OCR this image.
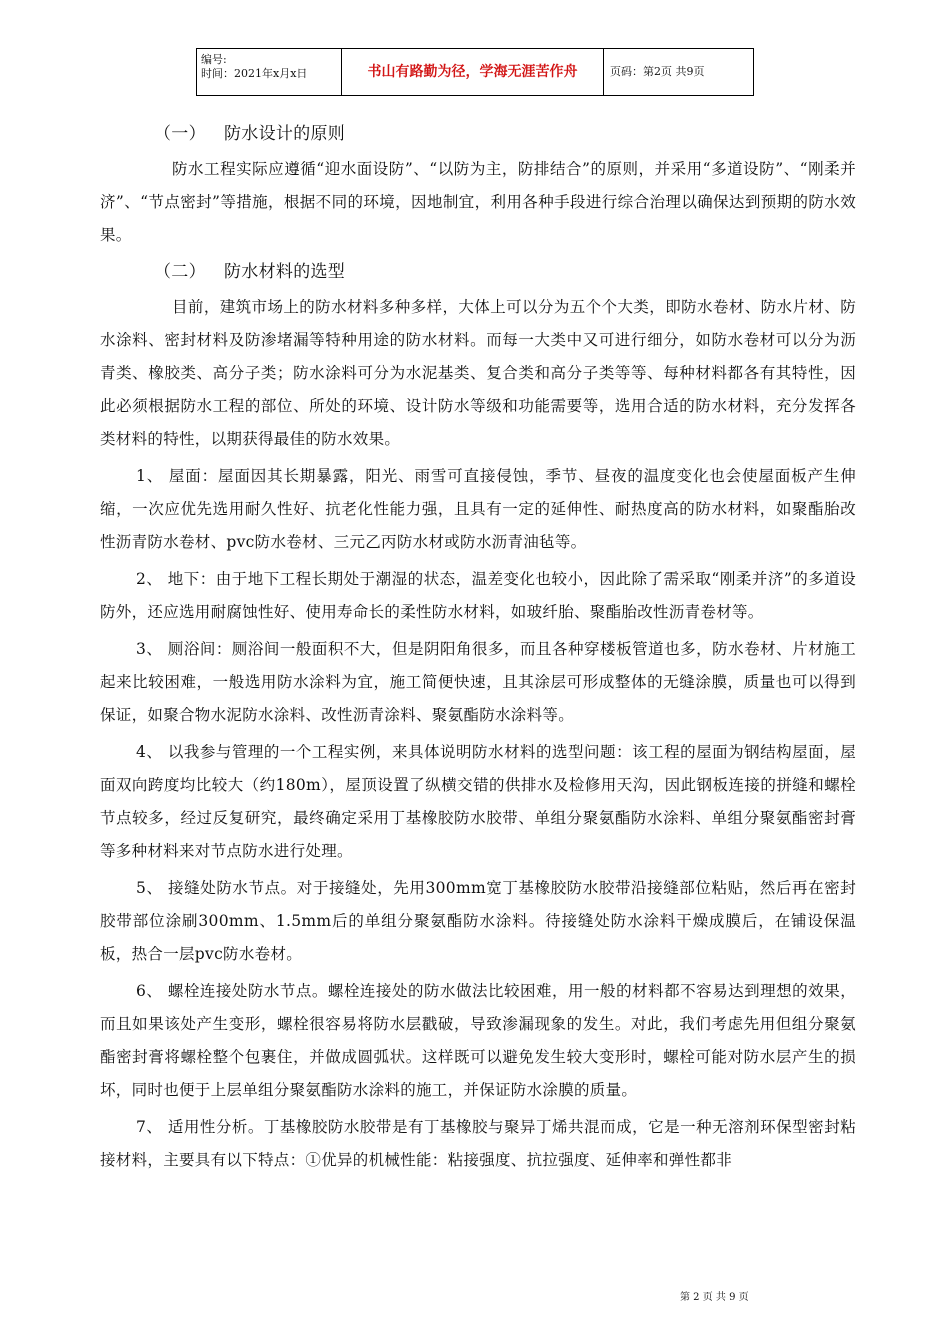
编号:
时间：2021年x月x日	书山有路勤为径，学海无涯苦作舟	页码：第2页 共9页

（一） 防水设计的原则

防水工程实际应遵循“迎水面设防”、“以防为主，防排结合”的原则，并采用“多道设防”、“刚柔并济”、“节点密封”等措施，根据不同的环境，因地制宜，利用各种手段进行综合治理以确保达到预期的防水效果。

（二） 防水材料的选型

目前，建筑市场上的防水材料多种多样，大体上可以分为五个个大类，即防水卷材、防水片材、防水涂料、密封材料及防渗堵漏等特种用途的防水材料。而每一大类中又可进行细分，如防水卷材可以分为沥青类、橡胶类、高分子类；防水涂料可分为水泥基类、复合类和高分子类等等、每种材料都各有其特性，因此必须根据防水工程的部位、所处的环境、设计防水等级和功能需要等，选用合适的防水材料，充分发挥各类材料的特性，以期获得最佳的防水效果。

1、 屋面：屋面因其长期暴露，阳光、雨雪可直接侵蚀，季节、昼夜的温度变化也会使屋面板产生伸缩，一次应优先选用耐久性好、抗老化性能力强，且具有一定的延伸性、耐热度高的防水材料，如聚酯胎改性沥青防水卷材、pvc防水卷材、三元乙丙防水材或防水沥青油毡等。

2、 地下：由于地下工程长期处于潮湿的状态，温差变化也较小，因此除了需采取“刚柔并济”的多道设防外，还应选用耐腐蚀性好、使用寿命长的柔性防水材料，如玻纤胎、聚酯胎改性沥青卷材等。

3、 厕浴间：厕浴间一般面积不大，但是阴阳角很多，而且各种穿楼板管道也多，防水卷材、片材施工起来比较困难，一般选用防水涂料为宜，施工简便快速，且其涂层可形成整体的无缝涂膜，质量也可以得到保证，如聚合物水泥防水涂料、改性沥青涂料、聚氨酯防水涂料等。

4、 以我参与管理的一个工程实例，来具体说明防水材料的选型问题：该工程的屋面为钢结构屋面，屋面双向跨度均比较大（约180m），屋顶设置了纵横交错的供排水及检修用天沟，因此钢板连接的拼缝和螺栓节点较多，经过反复研究，最终确定采用丁基橡胶防水胶带、单组分聚氨酯防水涂料、单组分聚氨酯密封膏等多种材料来对节点防水进行处理。

5、 接缝处防水节点。对于接缝处，先用300mm宽丁基橡胶防水胶带沿接缝部位粘贴，然后再在密封胶带部位涂刷300mm、1.5mm后的单组分聚氨酯防水涂料。待接缝处防水涂料干燥成膜后，在铺设保温板，热合一层pvc防水卷材。

6、 螺栓连接处防水节点。螺栓连接处的防水做法比较困难，用一般的材料都不容易达到理想的效果，而且如果该处产生变形，螺栓很容易将防水层戳破，导致渗漏现象的发生。对此，我们考虑先用但组分聚氨酯密封膏将螺栓整个包裹住，并做成圆弧状。这样既可以避免发生较大变形时，螺栓可能对防水层产生的损坏，同时也便于上层单组分聚氨酯防水涂料的施工，并保证防水涂膜的质量。

7、 适用性分析。丁基橡胶防水胶带是有丁基橡胶与聚异丁烯共混而成，它是一种无溶剂环保型密封粘接材料，主要具有以下特点：①优异的机械性能：粘接强度、抗拉强度、延伸率和弹性都非

第 2 页 共 9 页
